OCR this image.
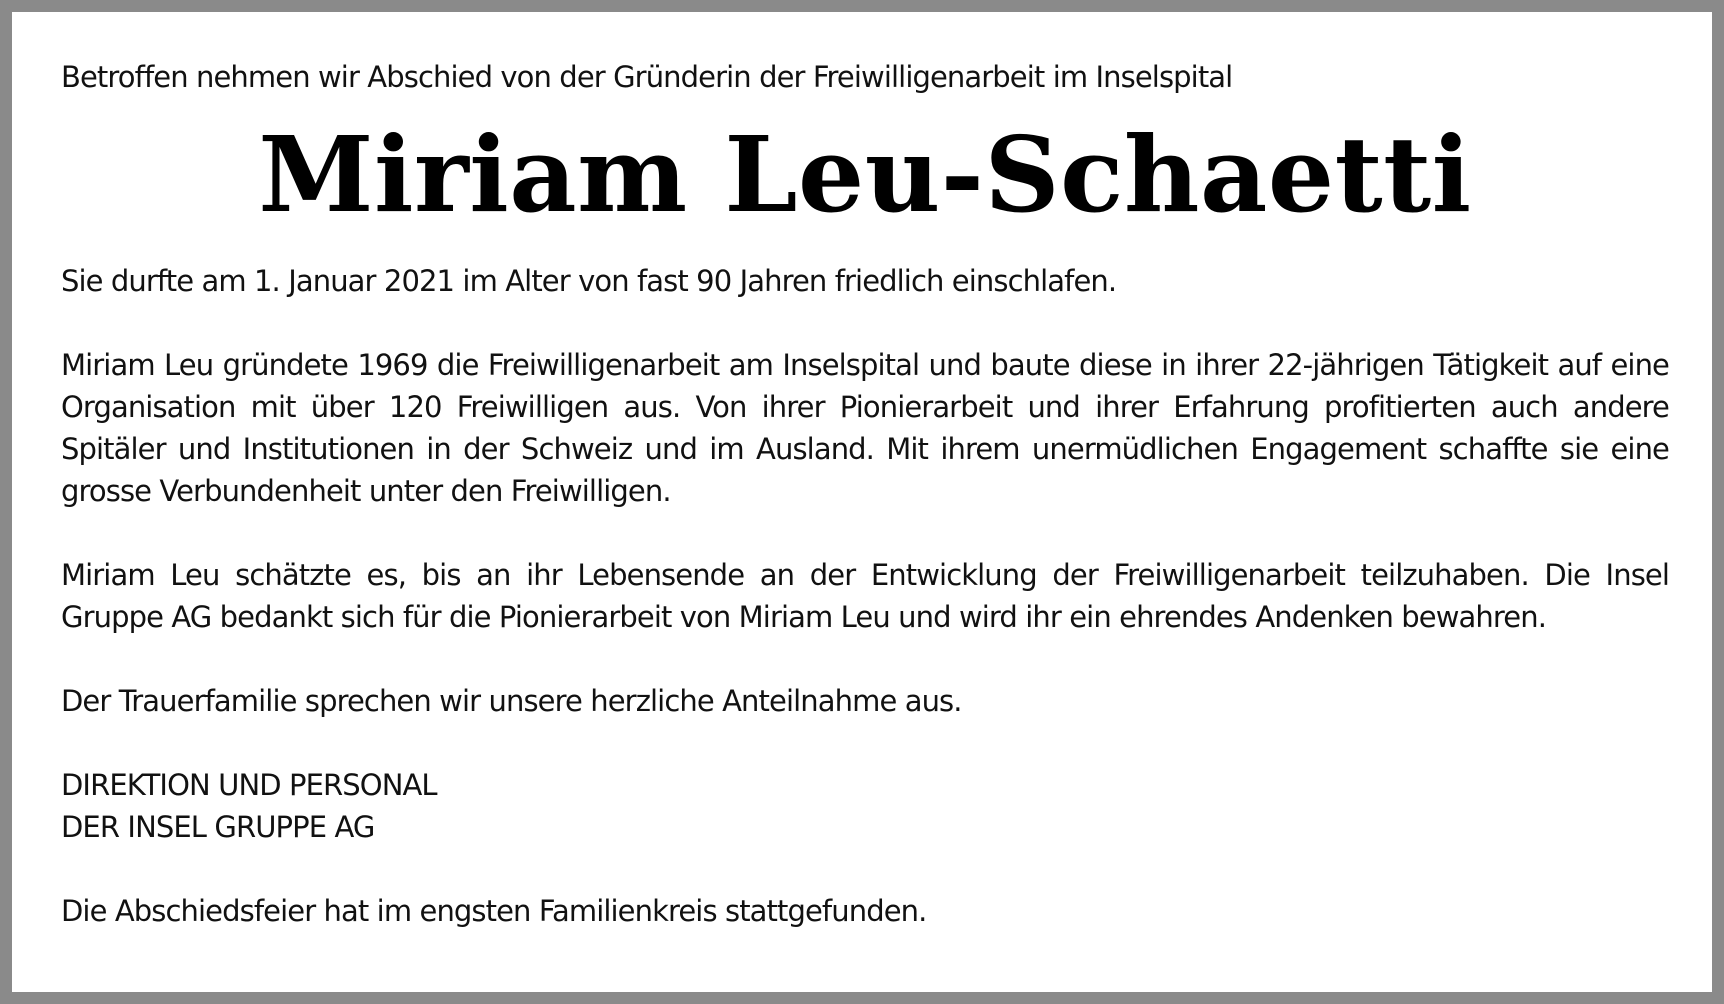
Betroffen nehmen wir Abschied von der Gründerin der Freiwilligenarbeit im Inselspital

Miriam Leu-Schaetti

Sie durfte am 1. Januar 2021 im Alter von fast 90 Jahren friedlich einschlafen.

Miriam Leu gründete 1969 die Freiwilligenarbeit am Inselspital und baute diese in ihrer 22-jährigen Tätigkeit auf eine Organisation mit über 120 Freiwilligen aus. Von ihrer Pionierarbeit und ihrer Erfahrung profitierten auch andere Spitäler und Institutionen in der Schweiz und im Ausland. Mit ihrem unermüdlichen Engagement schaffte sie eine grosse Verbundenheit unter den Freiwilligen.

Miriam Leu schätzte es, bis an ihr Lebensende an der Entwicklung der Freiwilligenarbeit teilzuhaben. Die Insel Gruppe AG bedankt sich für die Pionierarbeit von Miriam Leu und wird ihr ein ehrendes Andenken bewahren.

Der Trauerfamilie sprechen wir unsere herzliche Anteilnahme aus.

DIREKTION UND PERSONAL
DER INSEL GRUPPE AG

Die Abschiedsfeier hat im engsten Familienkreis stattgefunden.
